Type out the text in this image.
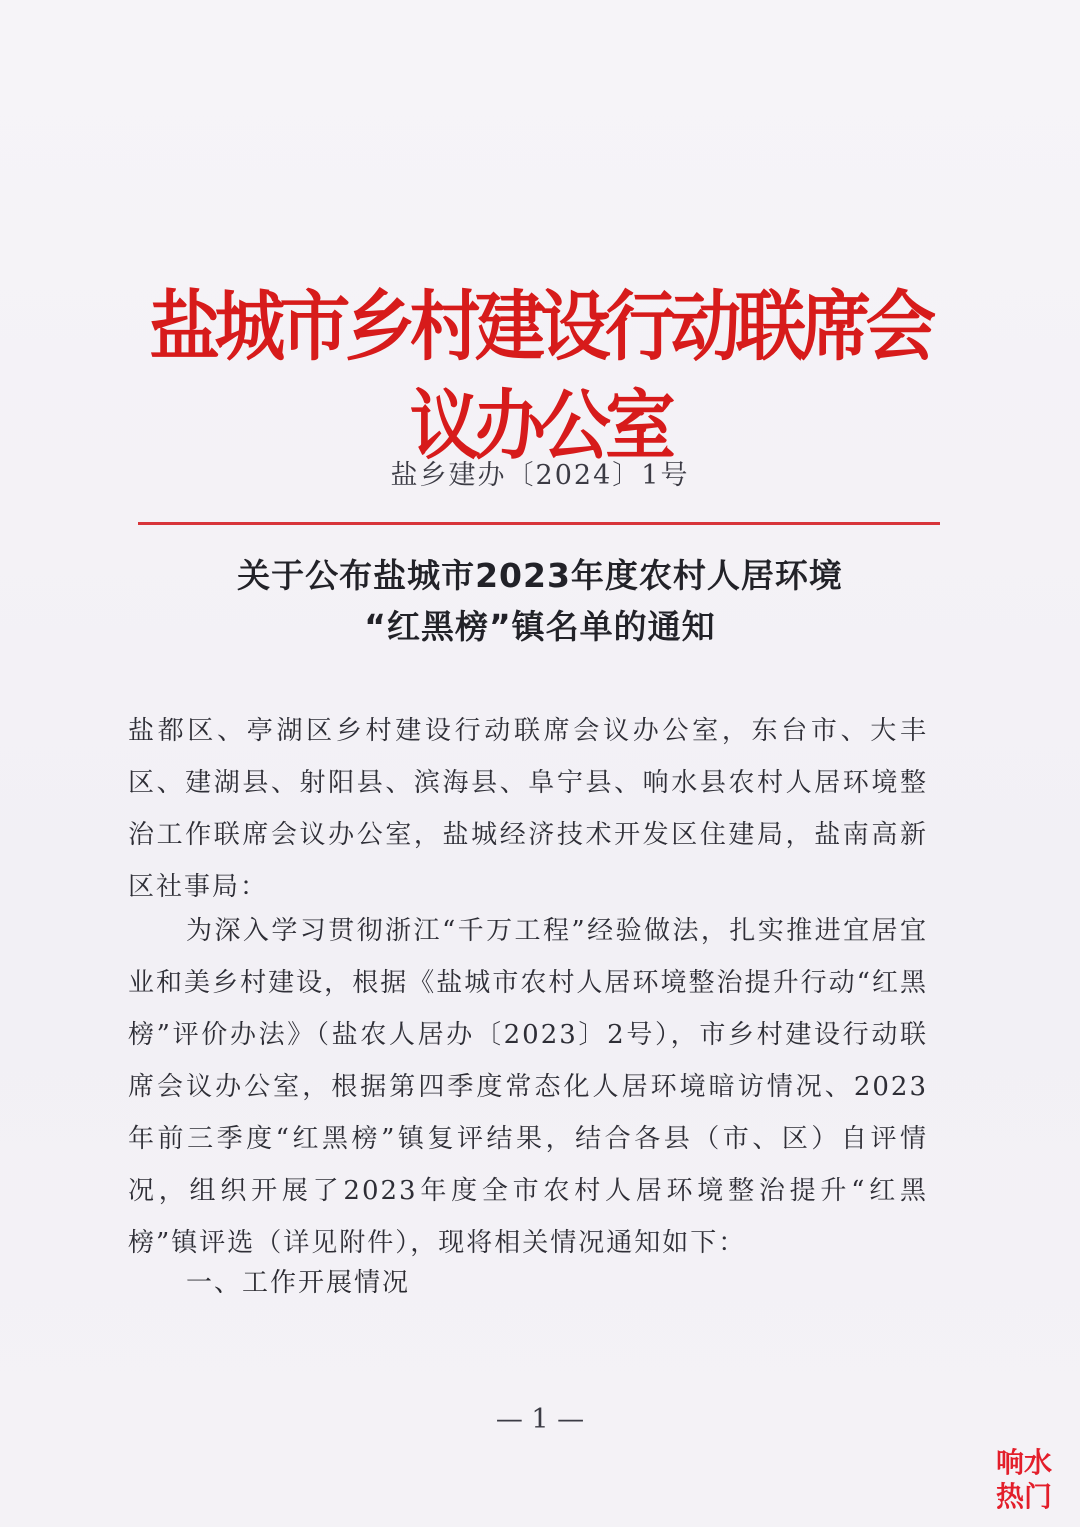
盐城市乡村建设行动联席会议办公室
盐乡建办〔2024〕1号
关于公布盐城市2023年度农村人居环境
“红黑榜”镇名单的通知
盐都区、亭湖区乡村建设行动联席会议办公室，东台市、大丰区、建湖县、射阳县、滨海县、阜宁县、响水县农村人居环境整治工作联席会议办公室，盐城经济技术开发区住建局，盐南高新区社事局：
为深入学习贯彻浙江“千万工程”经验做法，扎实推进宜居宜业和美乡村建设，根据《盐城市农村人居环境整治提升行动“红黑榜”评价办法》（盐农人居办〔2023〕2号），市乡村建设行动联席会议办公室，根据第四季度常态化人居环境暗访情况、2023年前三季度“红黑榜”镇复评结果，结合各县（市、区）自评情况，组织开展了2023年度全市农村人居环境整治提升“红黑榜”镇评选（详见附件），现将相关情况通知如下：
一、工作开展情况
— 1 —
响水
热门
